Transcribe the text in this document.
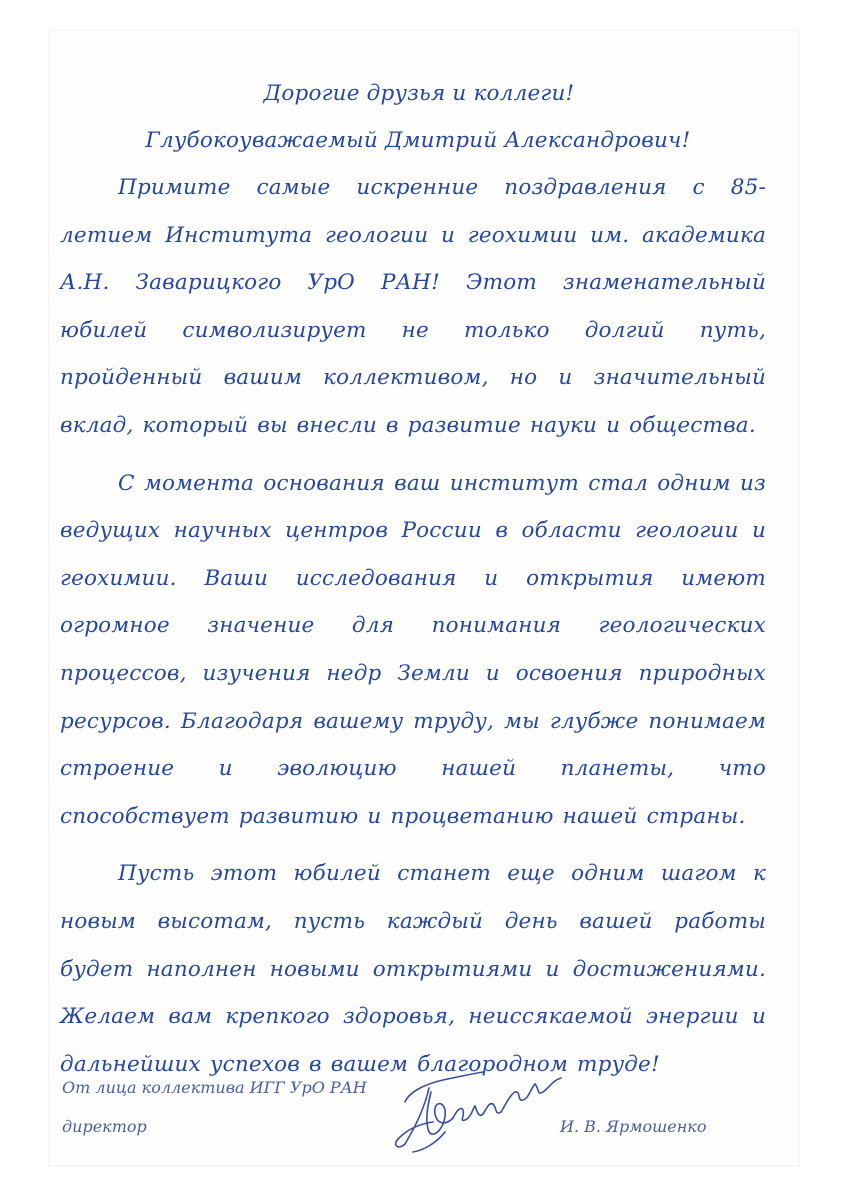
Дорогие друзья и коллеги!

Глубокоуважаемый Дмитрий Александрович!

Примите самые искренние поздравления с 85-летием Института геологии и геохимии им. академика А.Н. Заварицкого УрО РАН! Этот знаменательный юбилей символизирует не только долгий путь, пройденный вашим коллективом, но и значительный вклад, который вы внесли в развитие науки и общества.

С момента основания ваш институт стал одним из ведущих научных центров России в области геологии и геохимии. Ваши исследования и открытия имеют огромное значение для понимания геологических процессов, изучения недр Земли и освоения природных ресурсов. Благодаря вашему труду, мы глубже понимаем строение и эволюцию нашей планеты, что способствует развитию и процветанию нашей страны.

Пусть этот юбилей станет еще одним шагом к новым высотам, пусть каждый день вашей работы будет наполнен новыми открытиями и достижениями. Желаем вам крепкого здоровья, неиссякаемой энергии и дальнейших успехов в вашем благородном труде!

От лица коллектива ИГГ УрО РАН
директор	И. В. Ярмошенко
